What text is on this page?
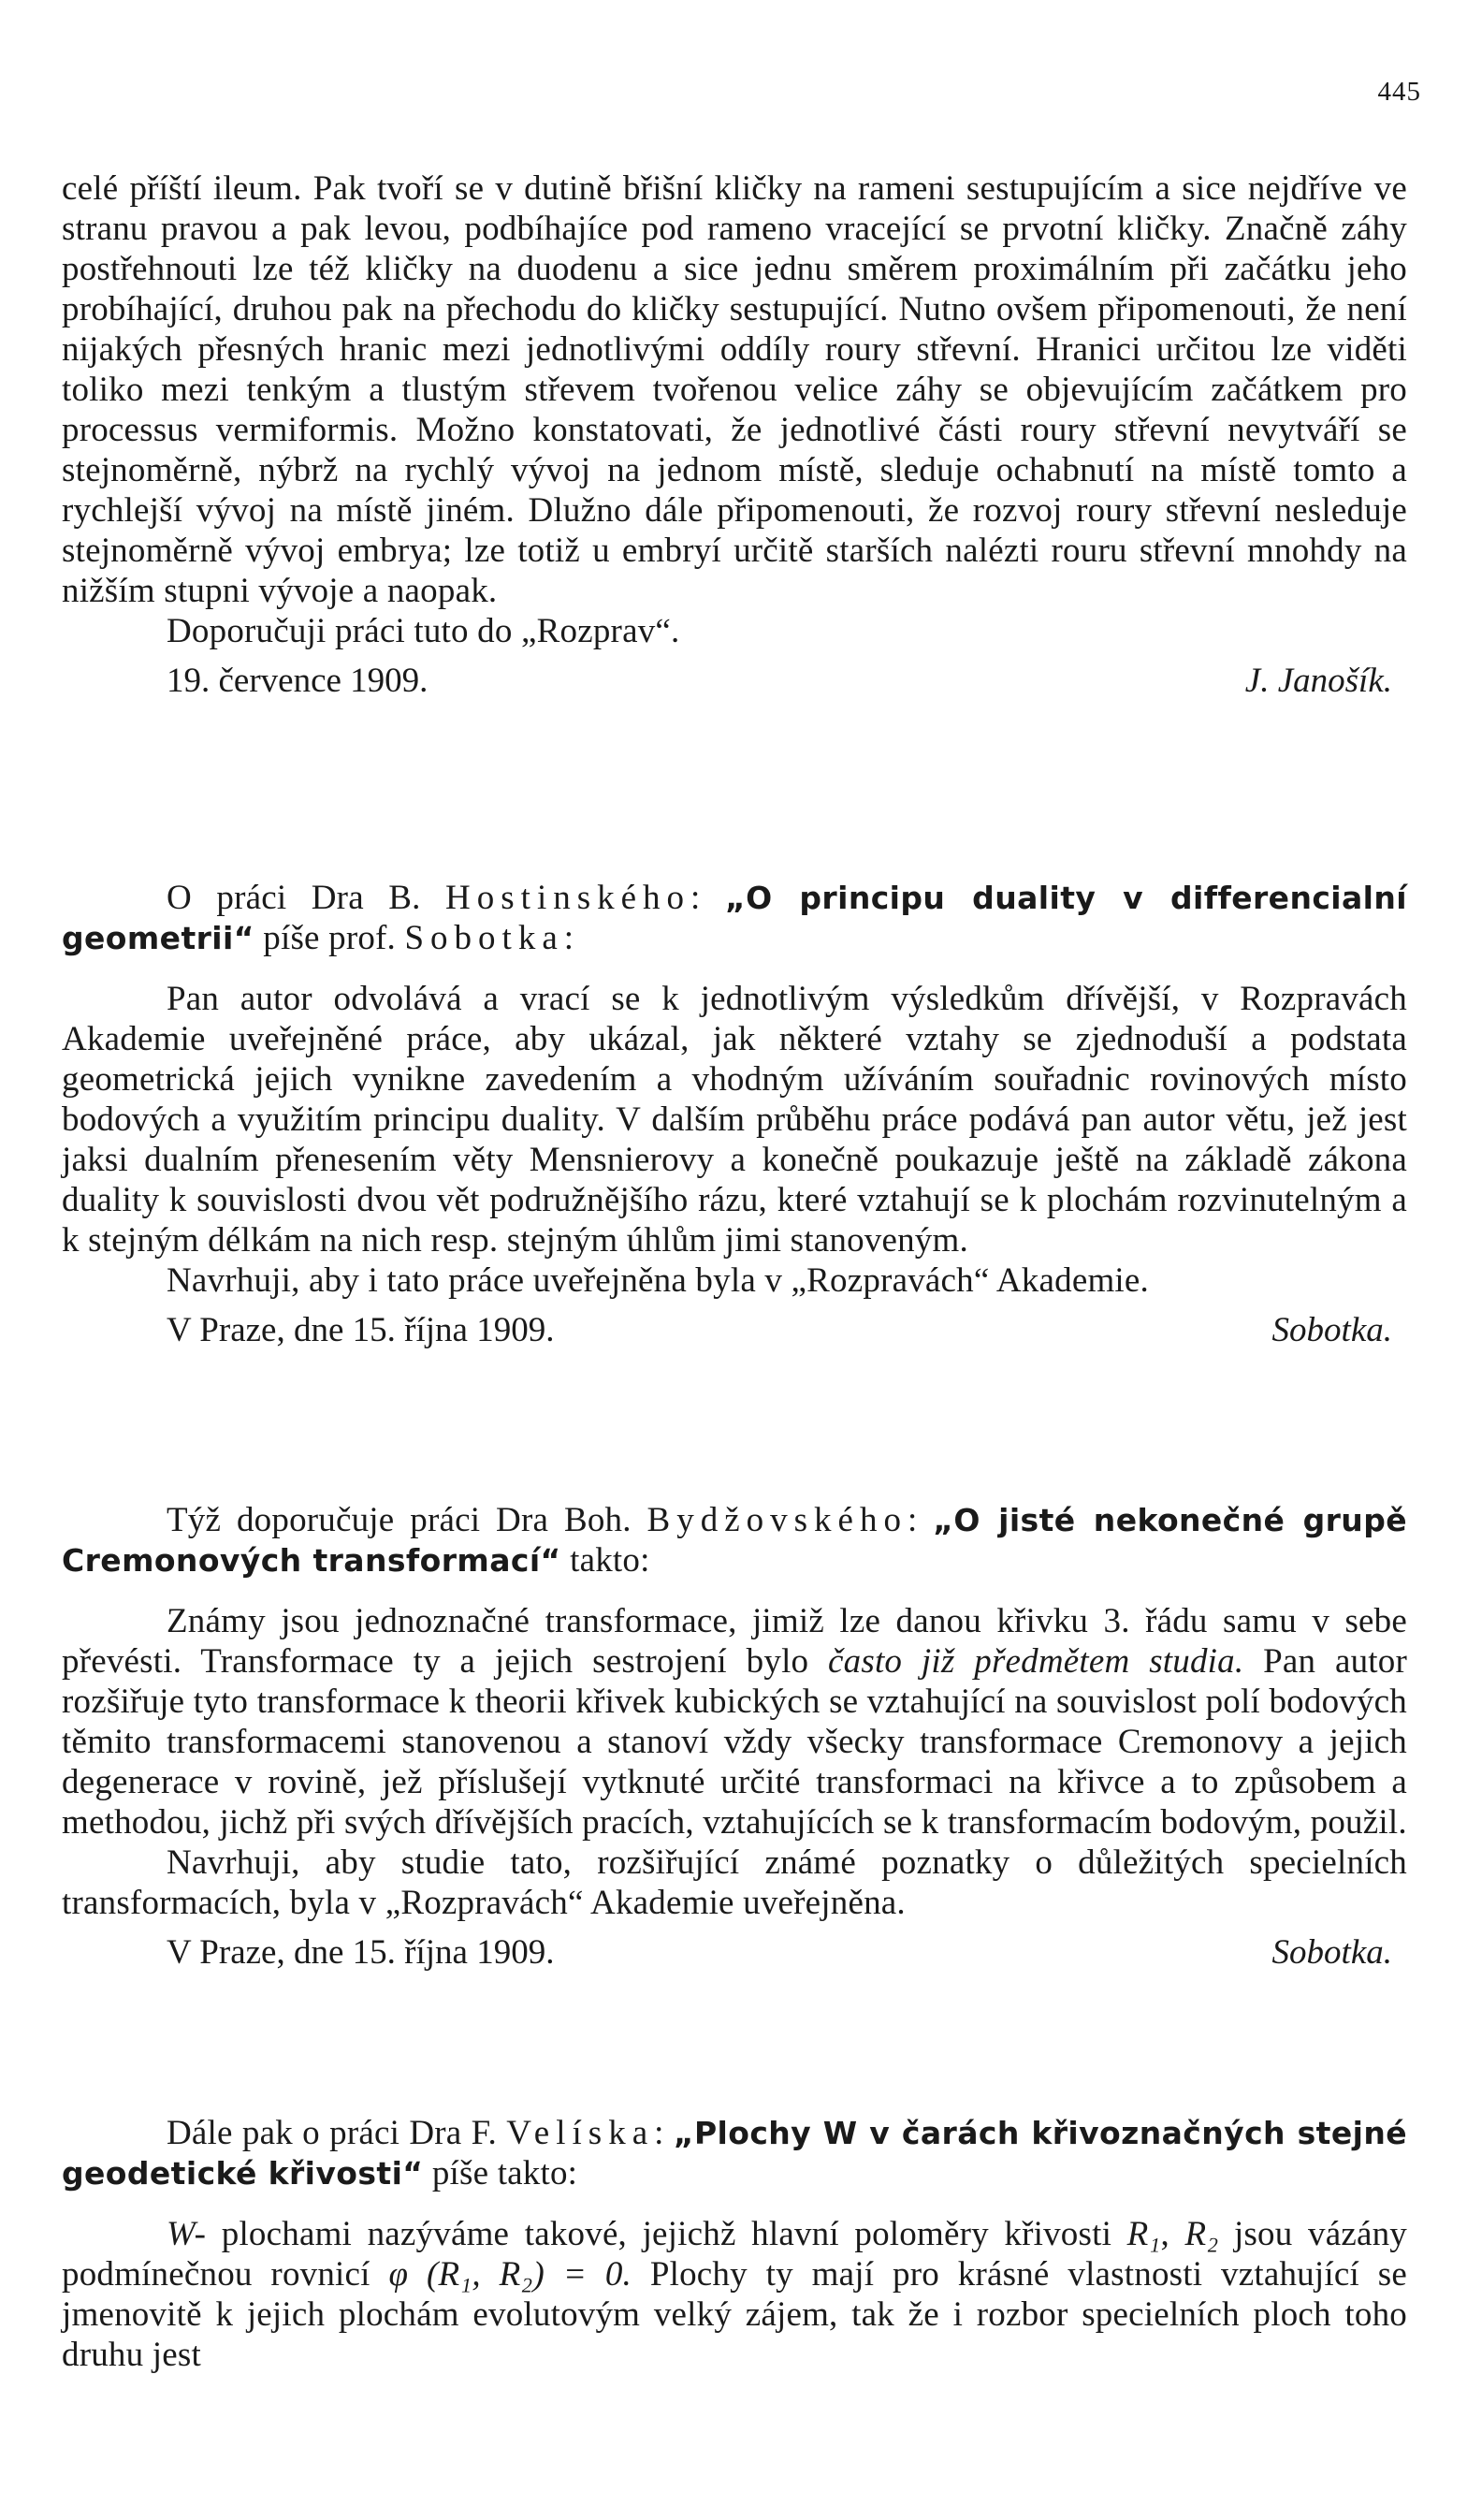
445

celé příští ileum. Pak tvoří se v dutině břišní kličky na rameni sestupujícím a sice nejdříve ve stranu pravou a pak levou, podbíhajíce pod rameno vracející se prvotní kličky. Značně záhy postřehnouti lze též kličky na duodenu a sice jednu směrem proximálním při začátku jeho probíhající, druhou pak na přechodu do kličky sestupující. Nutno ovšem připomenouti, že není nijakých přesných hranic mezi jednotlivými oddíly roury střevní. Hranici určitou lze viděti toliko mezi tenkým a tlustým střevem tvořenou velice záhy se objevujícím začátkem pro processus vermiformis. Možno konstatovati, že jednotlivé části roury střevní nevytváří se stejnoměrně, nýbrž na rychlý vývoj na jednom místě, sleduje ochabnutí na místě tomto a rychlejší vývoj na místě jiném. Dlužno dále připomenouti, že rozvoj roury střevní nesleduje stejnoměrně vývoj embrya; lze totiž u embryí určitě starších nalézti rouru střevní mnohdy na nižším stupni vývoje a naopak.

Doporučuji práci tuto do „Rozprav“.

19. července 1909.	J. Janošík.

O práci Dra B. Hostinského: „O principu duality v differencialní geometrii“ píše prof. Sobotka:

Pan autor odvolává a vrací se k jednotlivým výsledkům dřívější, v Rozpravách Akademie uveřejněné práce, aby ukázal, jak některé vztahy se zjednoduší a podstata geometrická jejich vynikne zavedením a vhodným užíváním souřadnic rovinových místo bodových a využitím principu duality. V dalším průběhu práce podává pan autor větu, jež jest jaksi dualním přenesením věty Mensnierovy a konečně poukazuje ještě na základě zákona duality k souvislosti dvou vět podružnějšího rázu, které vztahují se k plochám rozvinutelným a k stejným délkám na nich resp. stejným úhlům jimi stanoveným.

Navrhuji, aby i tato práce uveřejněna byla v „Rozpravách“ Akademie.

V Praze, dne 15. října 1909.	Sobotka.

Týž doporučuje práci Dra Boh. Bydžovského: „O jisté nekonečné grupě Cremonových transformací“ takto:

Známy jsou jednoznačné transformace, jimiž lze danou křivku 3. řádu samu v sebe převésti. Transformace ty a jejich sestrojení bylo často již předmětem studia. Pan autor rozšiřuje tyto transformace k theorii křivek kubických se vztahující na souvislost polí bodových těmito transformacemi stanovenou a stanoví vždy všecky transformace Cremonovy a jejich degenerace v rovině, jež příslušejí vytknuté určité transformaci na křivce a to způsobem a methodou, jichž při svých dřívějších pracích, vztahujících se k transformacím bodovým, použil.

Navrhuji, aby studie tato, rozšiřující známé poznatky o důležitých specielních transformacích, byla v „Rozpravách“ Akademie uveřejněna.

V Praze, dne 15. října 1909.	Sobotka.

Dále pak o práci Dra F. Velíska: „Plochy W v čarách křivoznačných stejné geodetické křivosti“ píše takto:

W- plochami nazýváme takové, jejichž hlavní poloměry křivosti R₁, R₂ jsou vázány podmínečnou rovnicí φ (R₁, R₂) = 0. Plochy ty mají pro krásné vlastnosti vztahující se jmenovitě k jejich plochám evolutovým velký zájem, tak že i rozbor specielních ploch toho druhu jest
